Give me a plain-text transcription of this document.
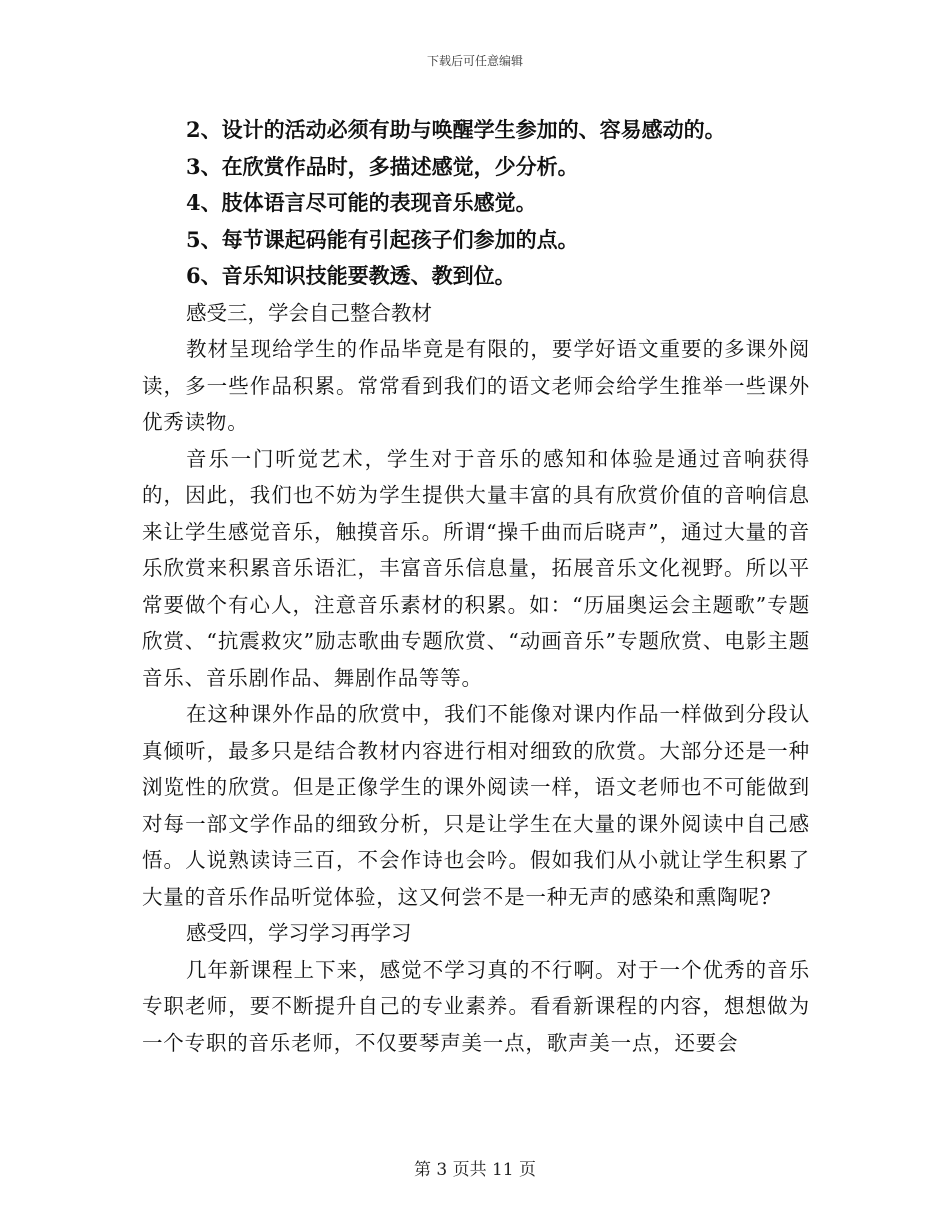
下载后可任意编辑

2、设计的活动必须有助与唤醒学生参加的、容易感动的。

3、在欣赏作品时，多描述感觉，少分析。

4、肢体语言尽可能的表现音乐感觉。

5、每节课起码能有引起孩子们参加的点。

6、音乐知识技能要教透、教到位。

感受三，学会自己整合教材

教材呈现给学生的作品毕竟是有限的，要学好语文重要的多课外阅读，多一些作品积累。常常看到我们的语文老师会给学生推举一些课外优秀读物。

音乐一门听觉艺术，学生对于音乐的感知和体验是通过音响获得的，因此，我们也不妨为学生提供大量丰富的具有欣赏价值的音响信息来让学生感觉音乐，触摸音乐。所谓“操千曲而后晓声”，通过大量的音乐欣赏来积累音乐语汇，丰富音乐信息量，拓展音乐文化视野。所以平常要做个有心人，注意音乐素材的积累。如：“历届奥运会主题歌”专题欣赏、“抗震救灾”励志歌曲专题欣赏、“动画音乐”专题欣赏、电影主题音乐、音乐剧作品、舞剧作品等等。

在这种课外作品的欣赏中，我们不能像对课内作品一样做到分段认真倾听，最多只是结合教材内容进行相对细致的欣赏。大部分还是一种浏览性的欣赏。但是正像学生的课外阅读一样，语文老师也不可能做到对每一部文学作品的细致分析，只是让学生在大量的课外阅读中自己感悟。人说熟读诗三百，不会作诗也会吟。假如我们从小就让学生积累了大量的音乐作品听觉体验，这又何尝不是一种无声的感染和熏陶呢?

感受四，学习学习再学习

几年新课程上下来，感觉不学习真的不行啊。对于一个优秀的音乐专职老师，要不断提升自己的专业素养。看看新课程的内容，想想做为一个专职的音乐老师，不仅要琴声美一点，歌声美一点，还要会

第 3 页共 11 页
